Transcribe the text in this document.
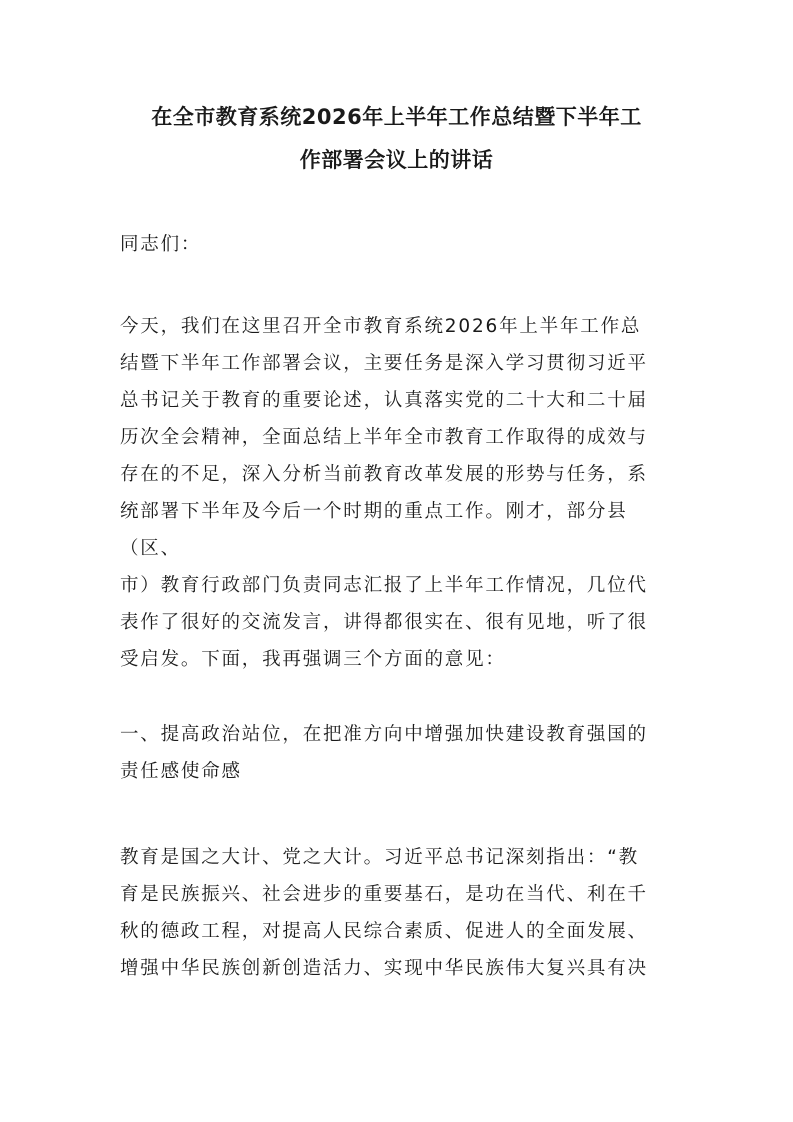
在全市教育系统2026年上半年工作总结暨下半年工
作部署会议上的讲话
同志们：
今天，我们在这里召开全市教育系统2026年上半年工作总
结暨下半年工作部署会议，主要任务是深入学习贯彻习近平
总书记关于教育的重要论述，认真落实党的二十大和二十届
历次全会精神，全面总结上半年全市教育工作取得的成效与
存在的不足，深入分析当前教育改革发展的形势与任务，系
统部署下半年及今后一个时期的重点工作。刚才，部分县（区、
市）教育行政部门负责同志汇报了上半年工作情况，几位代
表作了很好的交流发言，讲得都很实在、很有见地，听了很
受启发。下面，我再强调三个方面的意见：
一、提高政治站位，在把准方向中增强加快建设教育强国的
责任感使命感
教育是国之大计、党之大计。习近平总书记深刻指出：“教
育是民族振兴、社会进步的重要基石，是功在当代、利在千
秋的德政工程，对提高人民综合素质、促进人的全面发展、
增强中华民族创新创造活力、实现中华民族伟大复兴具有决
